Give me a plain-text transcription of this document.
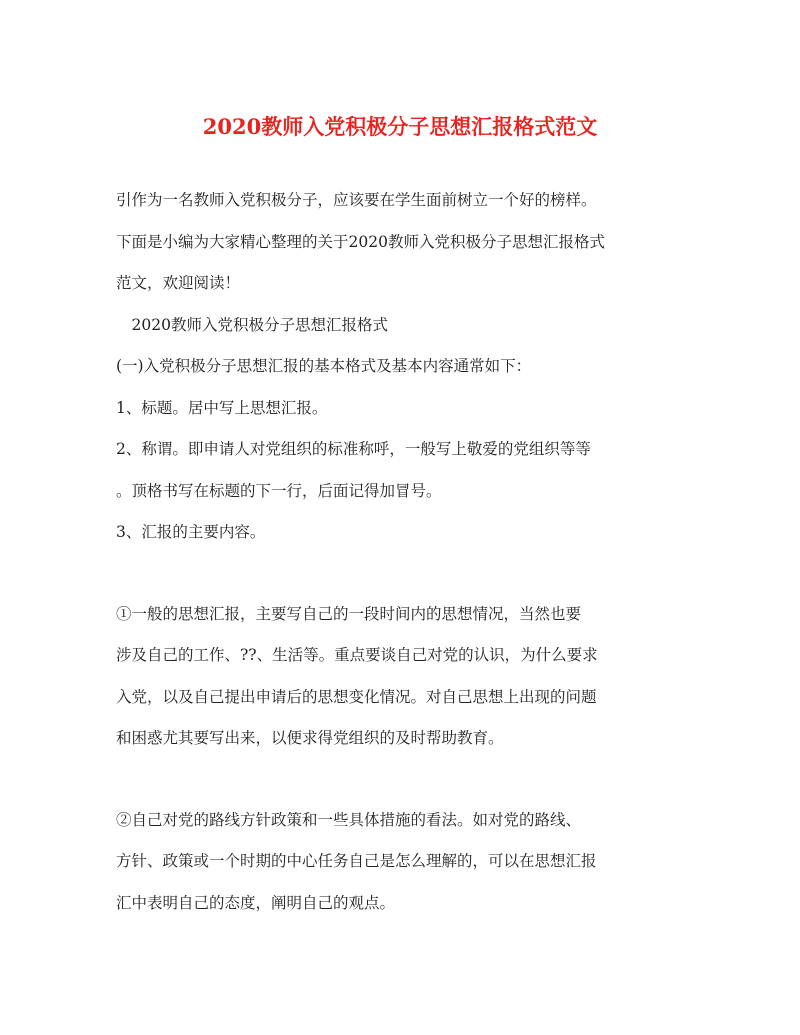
2020教师入党积极分子思想汇报格式范文

引作为一名教师入党积极分子，应该要在学生面前树立一个好的榜样。

下面是小编为大家精心整理的关于2020教师入党积极分子思想汇报格式

范文，欢迎阅读！

　2020教师入党积极分子思想汇报格式

(一)入党积极分子思想汇报的基本格式及基本内容通常如下：

1、标题。居中写上思想汇报。

2、称谓。即申请人对党组织的标准称呼，一般写上敬爱的党组织等等

。顶格书写在标题的下一行，后面记得加冒号。

3、汇报的主要内容。

①一般的思想汇报，主要写自己的一段时间内的思想情况，当然也要

涉及自己的工作、??、生活等。重点要谈自己对党的认识，为什么要求

入党，以及自己提出申请后的思想变化情况。对自己思想上出现的问题

和困惑尤其要写出来，以便求得党组织的及时帮助教育。

②自己对党的路线方针政策和一些具体措施的看法。如对党的路线、

方针、政策或一个时期的中心任务自己是怎么理解的，可以在思想汇报

汇中表明自己的态度，阐明自己的观点。
